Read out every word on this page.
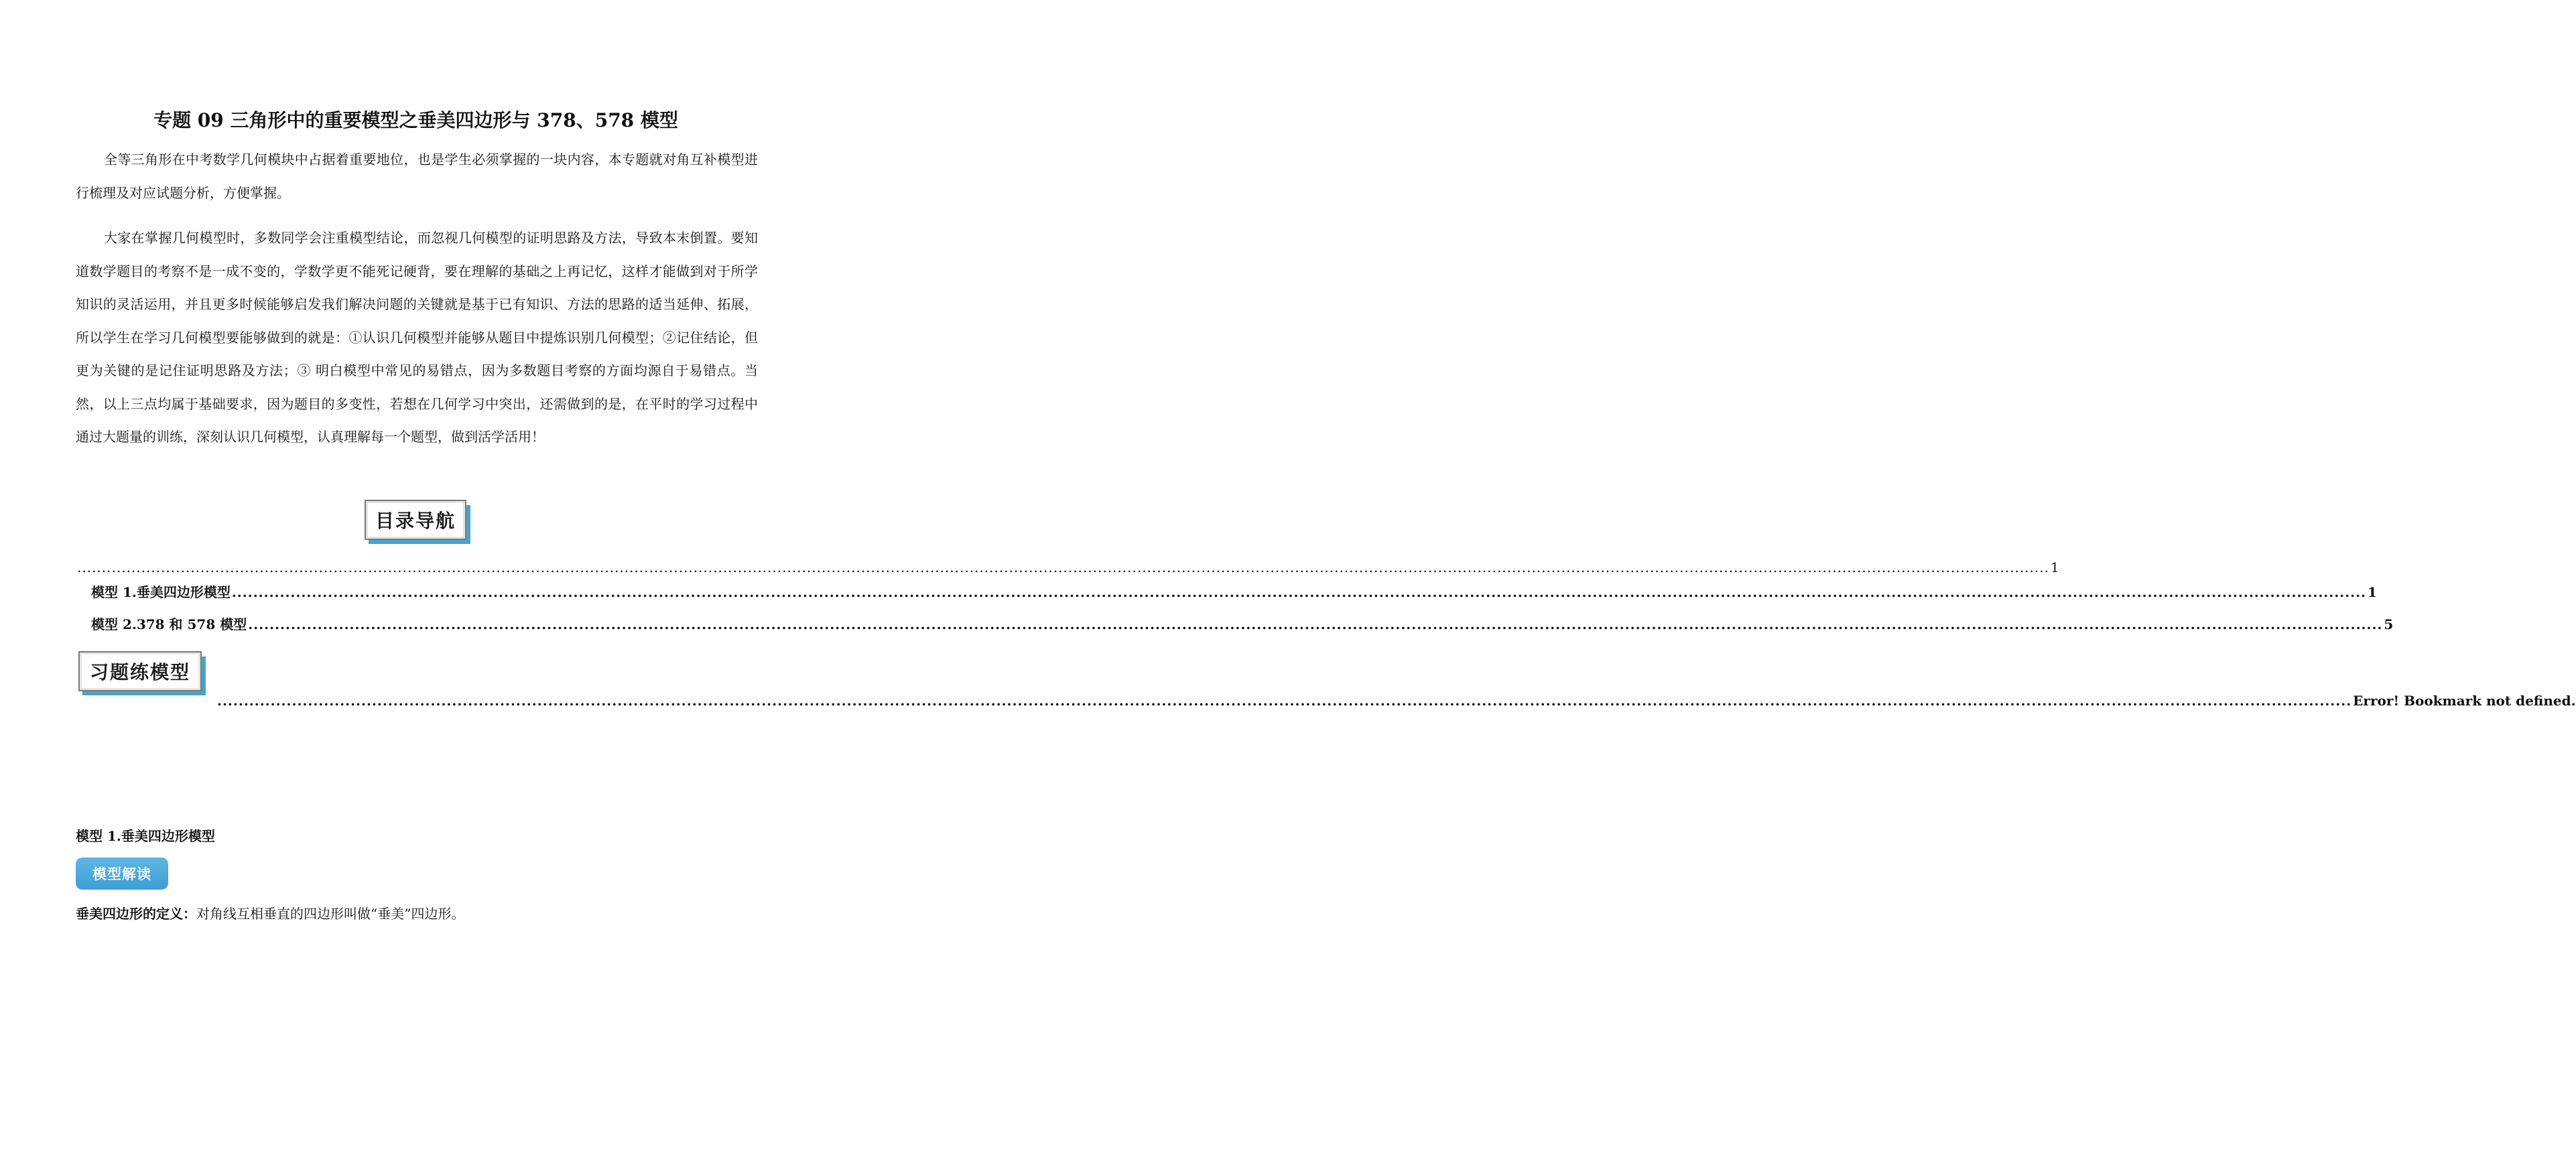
专题 09 三角形中的重要模型之垂美四边形与 378、578 模型

全等三角形在中考数学几何模块中占据着重要地位，也是学生必须掌握的一块内容，本专题就对角互补模型进行梳理及对应试题分析，方便掌握。

大家在掌握几何模型时，多数同学会注重模型结论，而忽视几何模型的证明思路及方法，导致本末倒置。要知道数学题目的考察不是一成不变的，学数学更不能死记硬背，要在理解的基础之上再记忆，这样才能做到对于所学知识的灵活运用，并且更多时候能够启发我们解决问题的关键就是基于已有知识、方法的思路的适当延伸、拓展，所以学生在学习几何模型要能够做到的就是：①认识几何模型并能够从题目中提炼识别几何模型；②记住结论，但更为关键的是记住证明思路及方法；③ 明白模型中常见的易错点，因为多数题目考察的方面均源自于易错点。当然，以上三点均属于基础要求，因为题目的多变性，若想在几何学习中突出，还需做到的是，在平时的学习过程中通过大题量的训练，深刻认识几何模型，认真理解每一个题型，做到活学活用！

目录导航
................................................................................................................................................................................................................................................................................................................................................................................................................ 1
模型 1.垂美四边形模型 ................................................................................................................................................................................................................................................................................................................................................................................................................ 1
模型 2.378 和 578 模型 ................................................................................................................................................................................................................................................................................................................................................................................................................ 5
习题练模型
................................................................................................................................................................................................................................................................................................................................................................................................................ Error! Bookmark not defined.
模型 1.垂美四边形模型
模型解读
垂美四边形的定义：对角线互相垂直的四边形叫做“垂美”四边形。
